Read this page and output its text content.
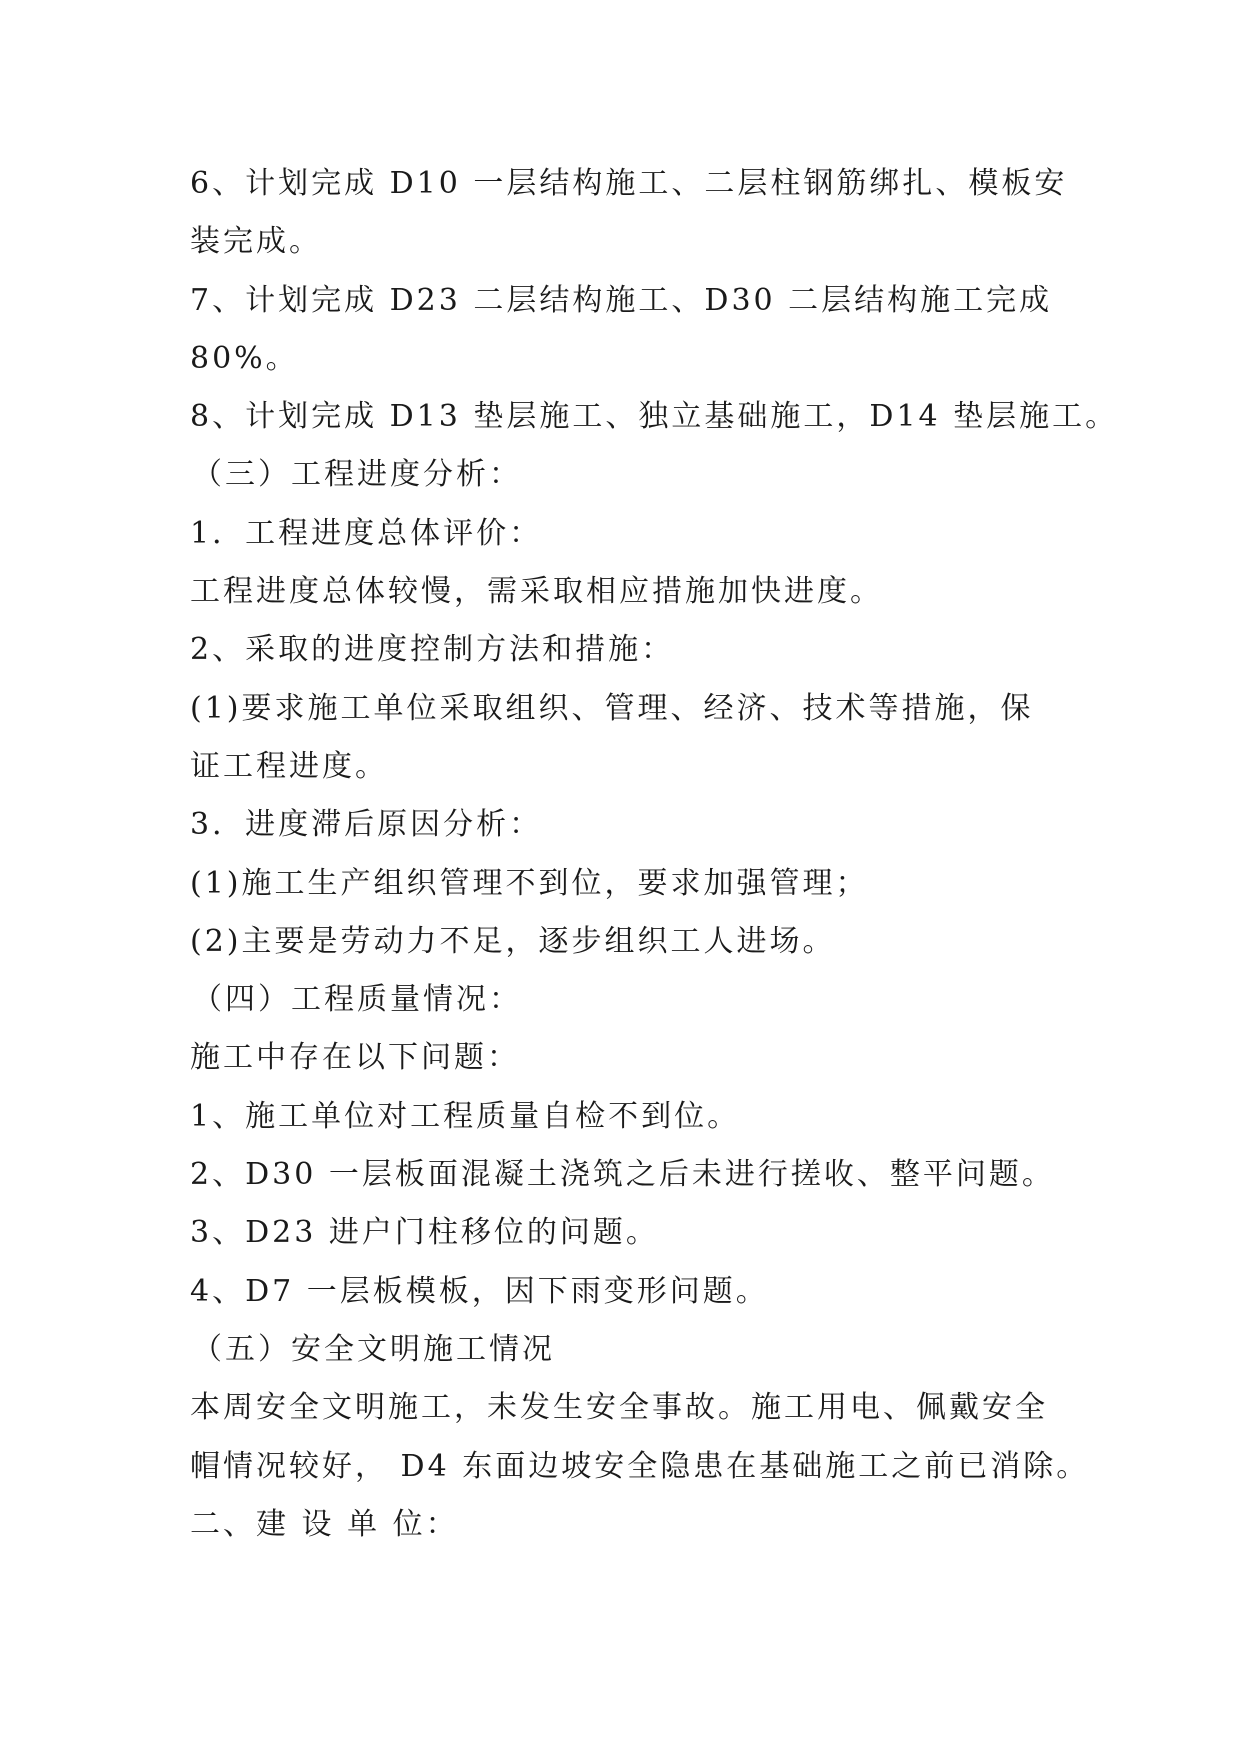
6、计划完成 D10 一层结构施工、二层柱钢筋绑扎、模板安
装完成。
7、计划完成 D23 二层结构施工、D30 二层结构施工完成
80%。
8、计划完成 D13 垫层施工、独立基础施工，D14 垫层施工。
（三）工程进度分析：
1．工程进度总体评价：
工程进度总体较慢，需采取相应措施加快进度。
2、采取的进度控制方法和措施：
(1)要求施工单位采取组织、管理、经济、技术等措施，保
证工程进度。
3．进度滞后原因分析：
(1)施工生产组织管理不到位，要求加强管理；
(2)主要是劳动力不足，逐步组织工人进场。
（四）工程质量情况：
施工中存在以下问题：
1、施工单位对工程质量自检不到位。
2、D30 一层板面混凝土浇筑之后未进行搓收、整平问题。
3、D23 进户门柱移位的问题。
4、D7 一层板模板，因下雨变形问题。
（五）安全文明施工情况
本周安全文明施工，未发生安全事故。施工用电、佩戴安全
帽情况较好， D4 东面边坡安全隐患在基础施工之前已消除。
二、建 设 单 位：
